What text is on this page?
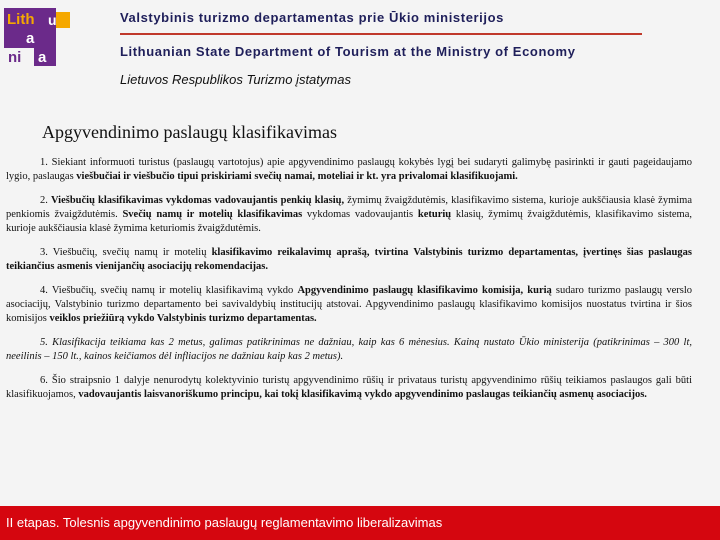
Lith u
a
ni a
Valstybinis turizmo departamentas prie Ūkio ministerijos
Lithuanian State Department of Tourism at the Ministry of Economy
Lietuvos Respublikos Turizmo įstatymas
Apgyvendinimo paslaugų klasifikavimas

1. Siekiant informuoti turistus (paslaugų vartotojus) apie apgyvendinimo paslaugų kokybės lygį bei sudaryti galimybę pasirinkti ir gauti pageidaujamo lygio, paslaugas viešbučiai ir viešbučio tipui priskiriami svečių namai, moteliai ir kt. yra privalomai klasifikuojami.

2. Viešbučių klasifikavimas vykdomas vadovaujantis penkių klasių, žymimų žvaigždutėmis, klasifikavimo sistema, kurioje aukščiausia klasė žymima penkiomis žvaigždutėmis. Svečių namų ir motelių klasifikavimas vykdomas vadovaujantis keturių klasių, žymimų žvaigždutėmis, klasifikavimo sistema, kurioje aukščiausia klasė žymima keturiomis žvaigždutėmis.

3. Viešbučių, svečių namų ir motelių klasifikavimo reikalavimų aprašą, tvirtina Valstybinis turizmo departamentas, įvertinęs šias paslaugas teikiančius asmenis vienijančių asociacijų rekomendacijas.

4. Viešbučių, svečių namų ir motelių klasifikavimą vykdo Apgyvendinimo paslaugų klasifikavimo komisija, kurią sudaro turizmo paslaugų verslo asociacijų, Valstybinio turizmo departamento bei savivaldybių institucijų atstovai. Apgyvendinimo paslaugų klasifikavimo komisijos nuostatus tvirtina ir šios komisijos veiklos priežiūrą vykdo Valstybinis turizmo departamentas.

5. Klasifikacija teikiama kas 2 metus, galimas patikrinimas ne dažniau, kaip kas 6 mėnesius. Kainą nustato Ūkio ministerija (patikrinimas – 300 lt, neeilinis – 150 lt., kainos keičiamos dėl infliacijos ne dažniau kaip kas 2 metus).

6. Šio straipsnio 1 dalyje nenurodytų kolektyvinio turistų apgyvendinimo rūšių ir privataus turistų apgyvendinimo rūšių teikiamos paslaugos gali būti klasifikuojamos, vadovaujantis laisvanoriškumo principu, kai tokį klasifikavimą vykdo apgyvendinimo paslaugas teikiančių asmenų asociacijos.

II etapas. Tolesnis apgyvendinimo paslaugų reglamentavimo liberalizavimas
